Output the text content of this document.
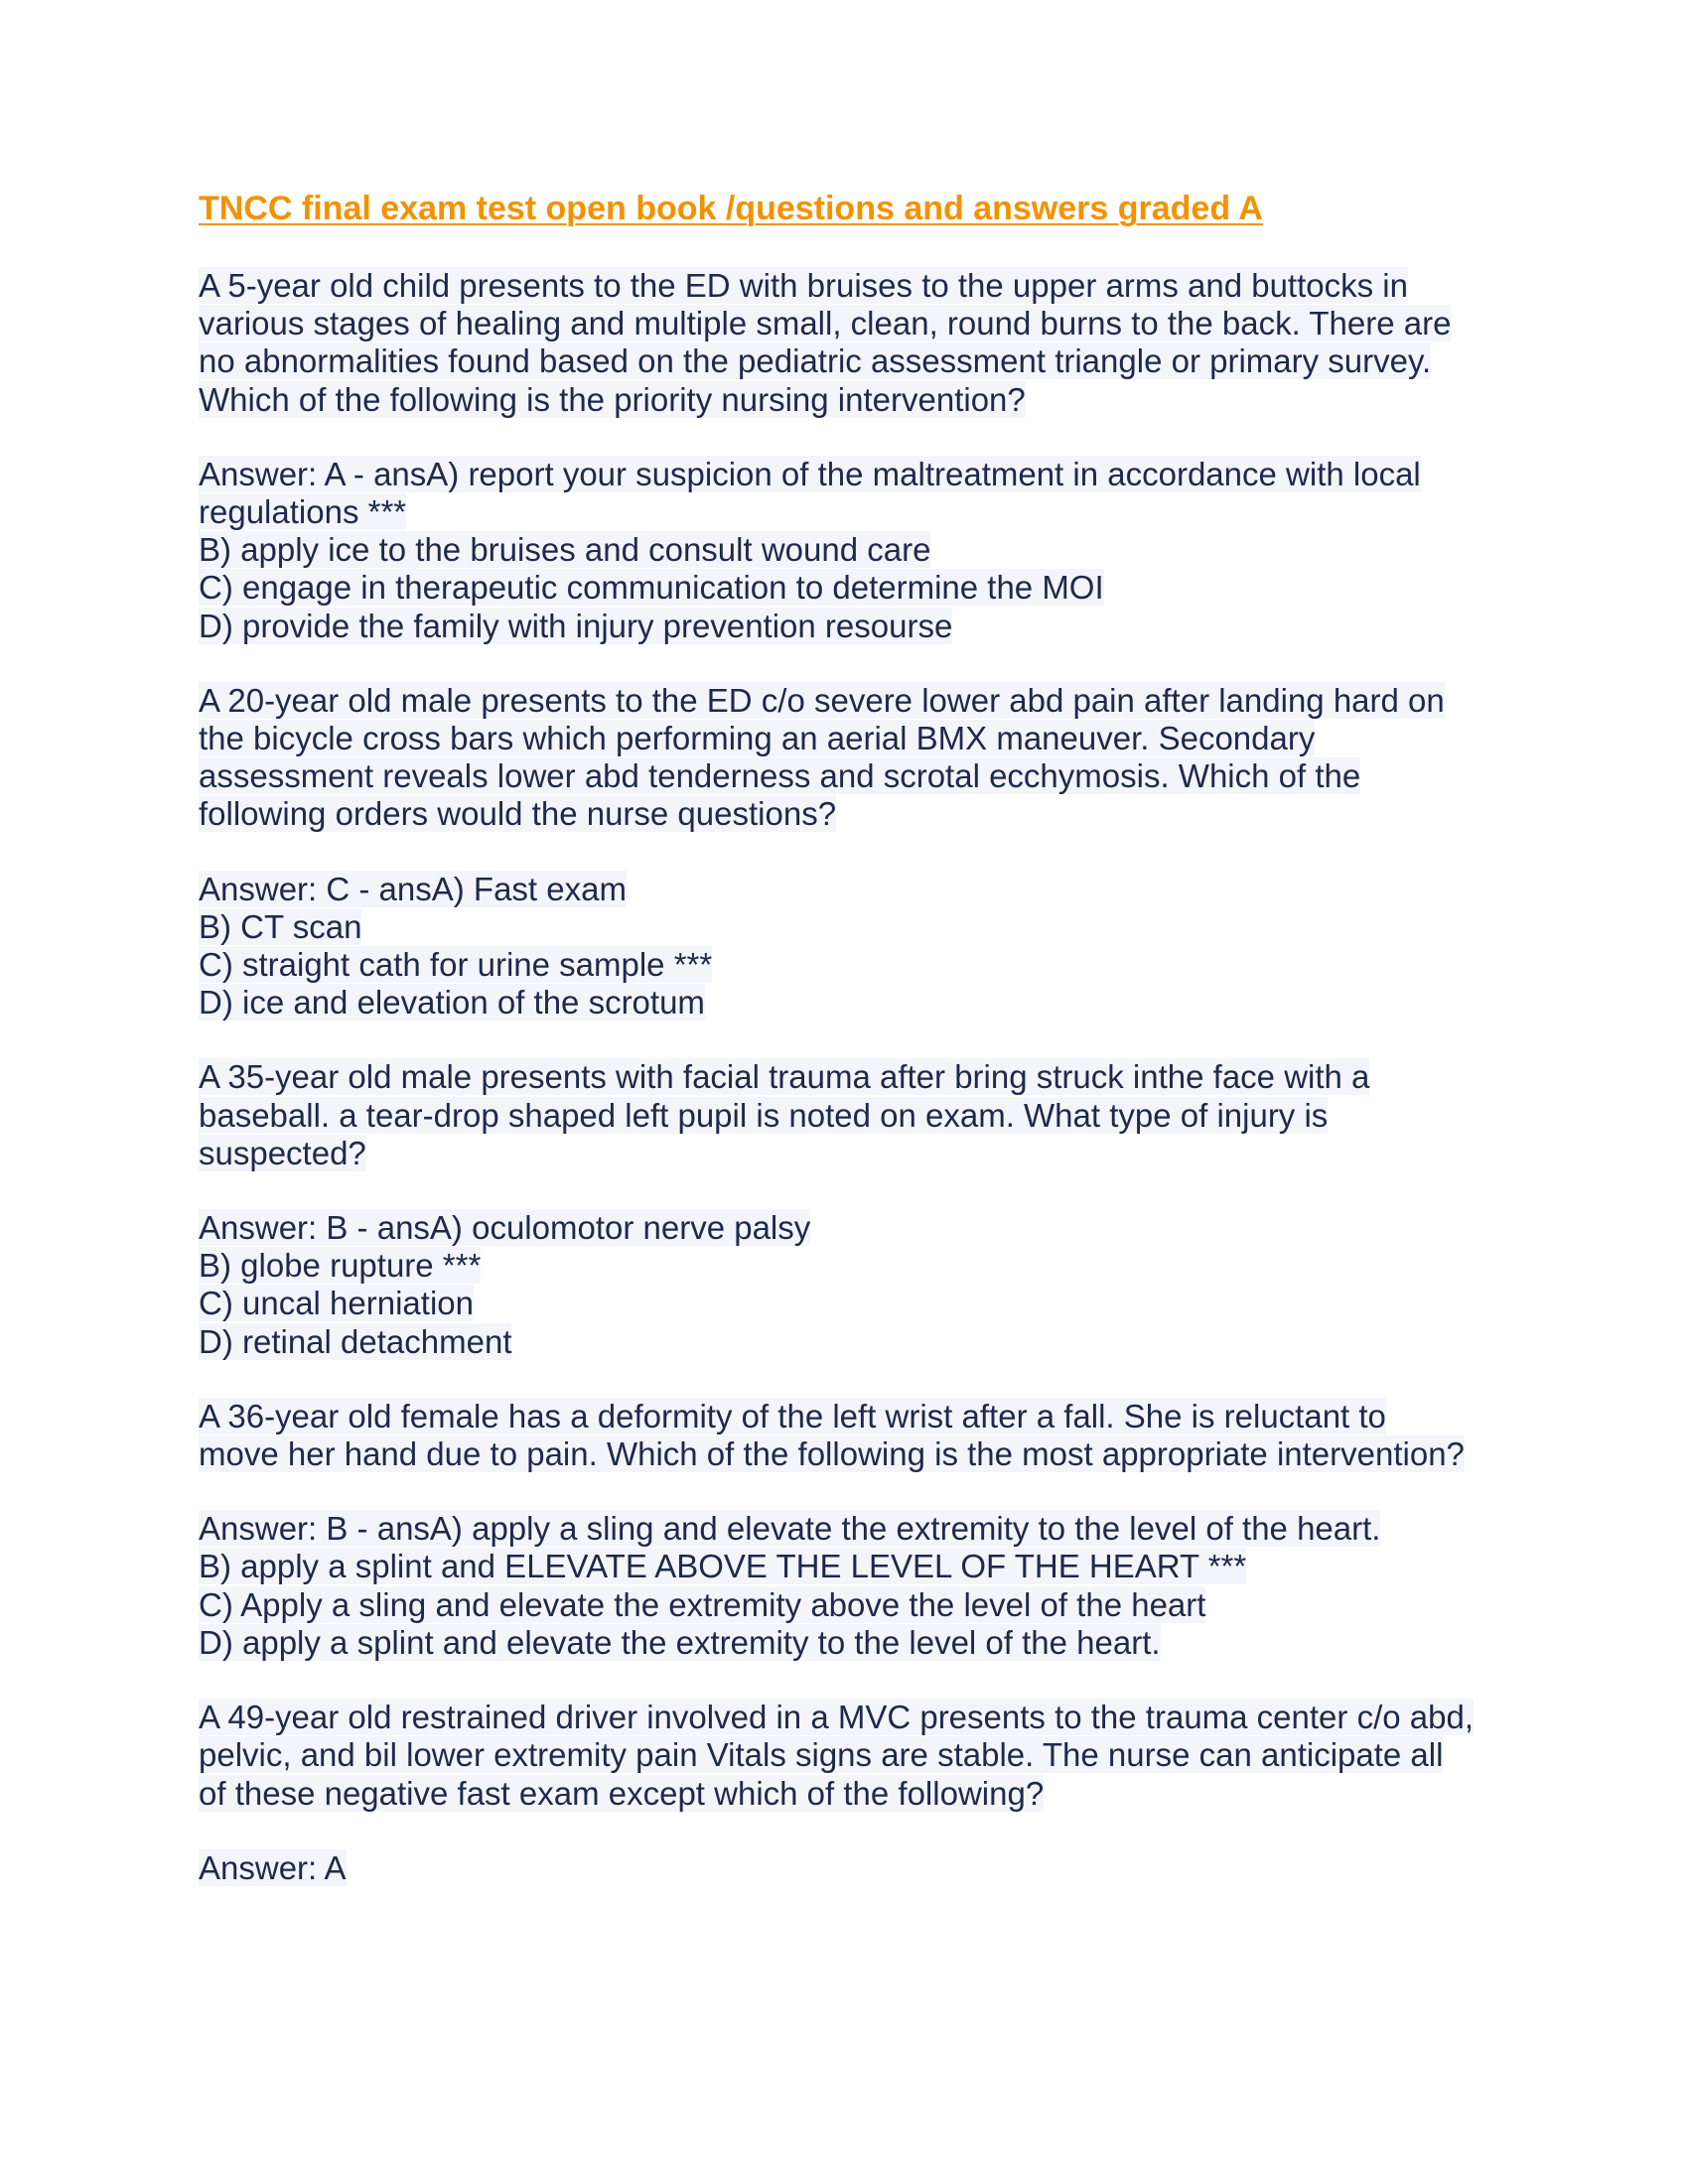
TNCC final exam test open book /questions and answers graded A
A 5-year old child presents to the ED with bruises to the upper arms and buttocks in
various stages of healing and multiple small, clean, round burns to the back. There are
no abnormalities found based on the pediatric assessment triangle or primary survey.
Which of the following is the priority nursing intervention?
Answer: A - ansA) report your suspicion of the maltreatment in accordance with local
regulations ***
B) apply ice to the bruises and consult wound care
C) engage in therapeutic communication to determine the MOI
D) provide the family with injury prevention resourse
A 20-year old male presents to the ED c/o severe lower abd pain after landing hard on
the bicycle cross bars which performing an aerial BMX maneuver. Secondary
assessment reveals lower abd tenderness and scrotal ecchymosis. Which of the
following orders would the nurse questions?
Answer: C - ansA) Fast exam
B) CT scan
C) straight cath for urine sample ***
D) ice and elevation of the scrotum
A 35-year old male presents with facial trauma after bring struck inthe face with a
baseball. a tear-drop shaped left pupil is noted on exam. What type of injury is
suspected?
Answer: B - ansA) oculomotor nerve palsy
B) globe rupture ***
C) uncal herniation
D) retinal detachment
A 36-year old female has a deformity of the left wrist after a fall. She is reluctant to
move her hand due to pain. Which of the following is the most appropriate intervention?
Answer: B - ansA) apply a sling and elevate the extremity to the level of the heart.
B) apply a splint and ELEVATE ABOVE THE LEVEL OF THE HEART ***
C) Apply a sling and elevate the extremity above the level of the heart
D) apply a splint and elevate the extremity to the level of the heart.
A 49-year old restrained driver involved in a MVC presents to the trauma center c/o abd,
pelvic, and bil lower extremity pain Vitals signs are stable. The nurse can anticipate all
of these negative fast exam except which of the following?
Answer: A
